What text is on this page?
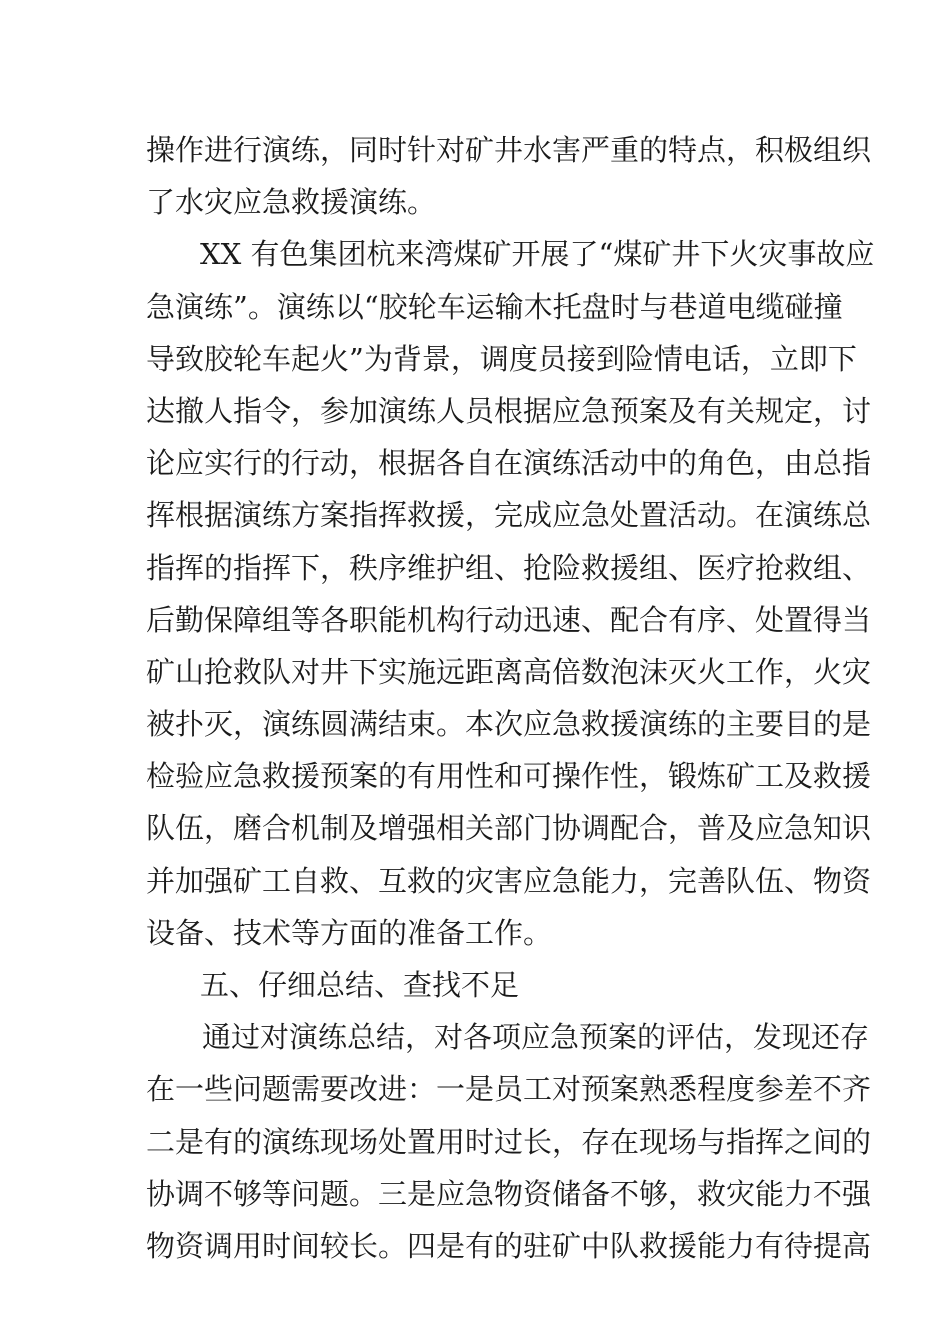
操作进行演练，同时针对矿井水害严重的特点，积极组织
了水灾应急救援演练。
XX 有色集团杭来湾煤矿开展了“煤矿井下火灾事故应
急演练”。演练以“胶轮车运输木托盘时与巷道电缆碰撞
导致胶轮车起火”为背景，调度员接到险情电话，立即下
达撤人指令，参加演练人员根据应急预案及有关规定，讨
论应实行的行动，根据各自在演练活动中的角色，由总指
挥根据演练方案指挥救援，完成应急处置活动。在演练总
指挥的指挥下，秩序维护组、抢险救援组、医疗抢救组、
后勤保障组等各职能机构行动迅速、配合有序、处置得当
矿山抢救队对井下实施远距离高倍数泡沫灭火工作，火灾
被扑灭，演练圆满结束。本次应急救援演练的主要目的是
检验应急救援预案的有用性和可操作性，锻炼矿工及救援
队伍，磨合机制及增强相关部门协调配合，普及应急知识
并加强矿工自救、互救的灾害应急能力，完善队伍、物资
设备、技术等方面的准备工作。
五、仔细总结、查找不足
通过对演练总结，对各项应急预案的评估，发现还存
在一些问题需要改进：一是员工对预案熟悉程度参差不齐
二是有的演练现场处置用时过长，存在现场与指挥之间的
协调不够等问题。三是应急物资储备不够，救灾能力不强
物资调用时间较长。四是有的驻矿中队救援能力有待提高
